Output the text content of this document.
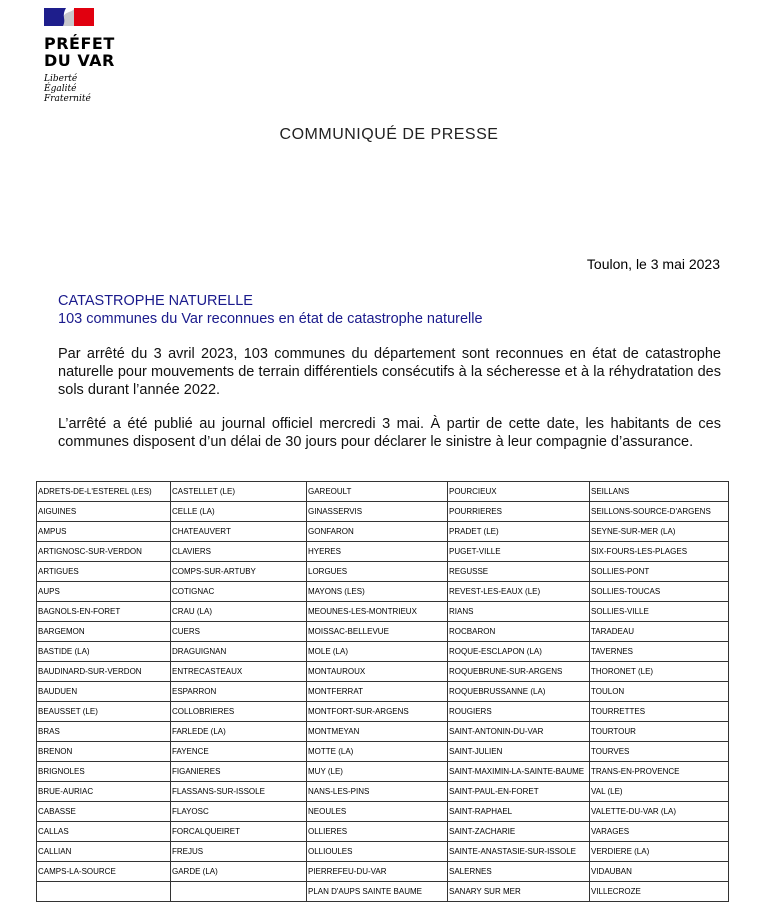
PRÉFET
DU VAR
Liberté
Égalité
Fraternité
COMMUNIQUÉ DE PRESSE
Toulon, le 3 mai 2023
CATASTROPHE NATURELLE
103 communes du Var reconnues en état de catastrophe naturelle

Par arrêté du 3 avril 2023, 103 communes du département sont reconnues en état de catastrophe naturelle pour mouvements de terrain différentiels consécutifs à la sécheresse et à la réhydratation des sols durant l’année 2022.

L’arrêté a été publié au journal officiel mercredi 3 mai. À partir de cette date, les habitants de ces communes disposent d’un délai de 30 jours pour déclarer le sinistre à leur compagnie d’assurance.

ADRETS-DE-L'ESTEREL (LES)	CASTELLET (LE)	GAREOULT	POURCIEUX	SEILLANS
AIGUINES	CELLE (LA)	GINASSERVIS	POURRIERES	SEILLONS-SOURCE-D'ARGENS
AMPUS	CHATEAUVERT	GONFARON	PRADET (LE)	SEYNE-SUR-MER (LA)
ARTIGNOSC-SUR-VERDON	CLAVIERS	HYERES	PUGET-VILLE	SIX-FOURS-LES-PLAGES
ARTIGUES	COMPS-SUR-ARTUBY	LORGUES	REGUSSE	SOLLIES-PONT
AUPS	COTIGNAC	MAYONS (LES)	REVEST-LES-EAUX (LE)	SOLLIES-TOUCAS
BAGNOLS-EN-FORET	CRAU (LA)	MEOUNES-LES-MONTRIEUX	RIANS	SOLLIES-VILLE
BARGEMON	CUERS	MOISSAC-BELLEVUE	ROCBARON	TARADEAU
BASTIDE (LA)	DRAGUIGNAN	MOLE (LA)	ROQUE-ESCLAPON (LA)	TAVERNES
BAUDINARD-SUR-VERDON	ENTRECASTEAUX	MONTAUROUX	ROQUEBRUNE-SUR-ARGENS	THORONET (LE)
BAUDUEN	ESPARRON	MONTFERRAT	ROQUEBRUSSANNE (LA)	TOULON
BEAUSSET (LE)	COLLOBRIERES	MONTFORT-SUR-ARGENS	ROUGIERS	TOURRETTES
BRAS	FARLEDE (LA)	MONTMEYAN	SAINT-ANTONIN-DU-VAR	TOURTOUR
BRENON	FAYENCE	MOTTE (LA)	SAINT-JULIEN	TOURVES
BRIGNOLES	FIGANIERES	MUY (LE)	SAINT-MAXIMIN-LA-SAINTE-BAUME	TRANS-EN-PROVENCE
BRUE-AURIAC	FLASSANS-SUR-ISSOLE	NANS-LES-PINS	SAINT-PAUL-EN-FORET	VAL (LE)
CABASSE	FLAYOSC	NEOULES	SAINT-RAPHAEL	VALETTE-DU-VAR (LA)
CALLAS	FORCALQUEIRET	OLLIERES	SAINT-ZACHARIE	VARAGES
CALLIAN	FREJUS	OLLIOULES	SAINTE-ANASTASIE-SUR-ISSOLE	VERDIERE (LA)
CAMPS-LA-SOURCE	GARDE (LA)	PIERREFEU-DU-VAR	SALERNES	VIDAUBAN
		PLAN D'AUPS SAINTE BAUME	SANARY SUR MER	VILLECROZE
